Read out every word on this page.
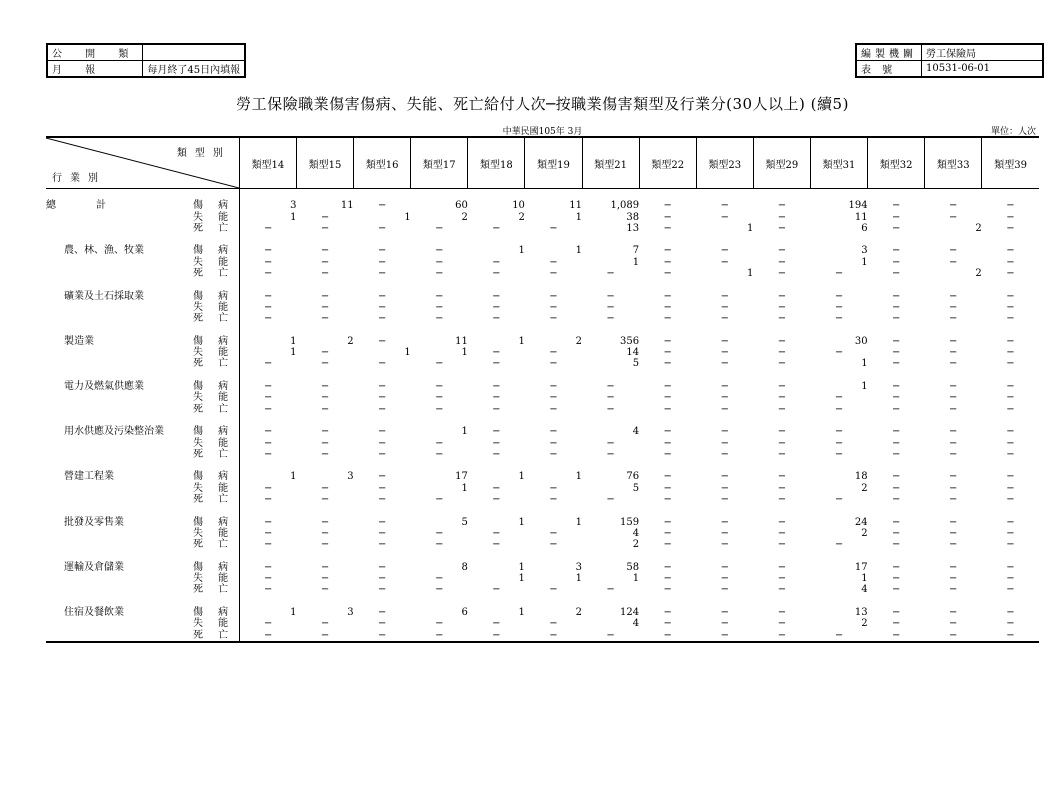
公 開 類	
月 報	每月終了45日內填報
編製機關	勞工保險局
表 號	10531-06-01
勞工保險職業傷害傷病、失能、死亡給付人次─按職業傷害類型及行業分(30人以上) (續5)
中華民國105年 3月	單位：人次
類型別
行業別		類型14	類型15	類型16	類型17	類型18	類型19	類型21	類型22	類型23	類型29	類型31	類型32	類型33	類型39

總　　　　計	傷 病	3	11	−	60	10	11	1,089	−	−	−	194	−	−	−
	失 能	1	−	1	2	2	1	38	−	−	−	11	−	−	−
	死 亡	−	−	−	−	−	−	13	−	1	−	6	−	2	−

農、林、漁、牧業	傷 病	−	−	−	−	1	1	7	−	−	−	3	−	−	−
	失 能	−	−	−	−	−	−	1	−	−	−	1	−	−	−
	死 亡	−	−	−	−	−	−	−	−	1	−	−	−	2	−

礦業及土石採取業	傷 病	−	−	−	−	−	−	−	−	−	−	−	−	−	−
	失 能	−	−	−	−	−	−	−	−	−	−	−	−	−	−
	死 亡	−	−	−	−	−	−	−	−	−	−	−	−	−	−

製造業	傷 病	1	2	−	11	1	2	356	−	−	−	30	−	−	−
	失 能	1	−	1	1	−	−	14	−	−	−	−	−	−	−
	死 亡	−	−	−	−	−	−	5	−	−	−	1	−	−	−

電力及燃氣供應業	傷 病	−	−	−	−	−	−	−	−	−	−	1	−	−	−
	失 能	−	−	−	−	−	−	−	−	−	−	−	−	−	−
	死 亡	−	−	−	−	−	−	−	−	−	−	−	−	−	−

用水供應及污染整治業	傷 病	−	−	−	1	−	−	4	−	−	−	−	−	−	−
	失 能	−	−	−	−	−	−	−	−	−	−	−	−	−	−
	死 亡	−	−	−	−	−	−	−	−	−	−	−	−	−	−

營建工程業	傷 病	1	3	−	17	1	1	76	−	−	−	18	−	−	−
	失 能	−	−	−	1	−	−	5	−	−	−	2	−	−	−
	死 亡	−	−	−	−	−	−	−	−	−	−	−	−	−	−

批發及零售業	傷 病	−	−	−	5	1	1	159	−	−	−	24	−	−	−
	失 能	−	−	−	−	−	−	4	−	−	−	2	−	−	−
	死 亡	−	−	−	−	−	−	2	−	−	−	−	−	−	−

運輸及倉儲業	傷 病	−	−	−	8	1	3	58	−	−	−	17	−	−	−
	失 能	−	−	−	−	1	1	1	−	−	−	1	−	−	−
	死 亡	−	−	−	−	−	−	−	−	−	−	4	−	−	−

住宿及餐飲業	傷 病	1	3	−	6	1	2	124	−	−	−	13	−	−	−
	失 能	−	−	−	−	−	−	4	−	−	−	2	−	−	−
	死 亡	−	−	−	−	−	−	−	−	−	−	−	−	−	−
